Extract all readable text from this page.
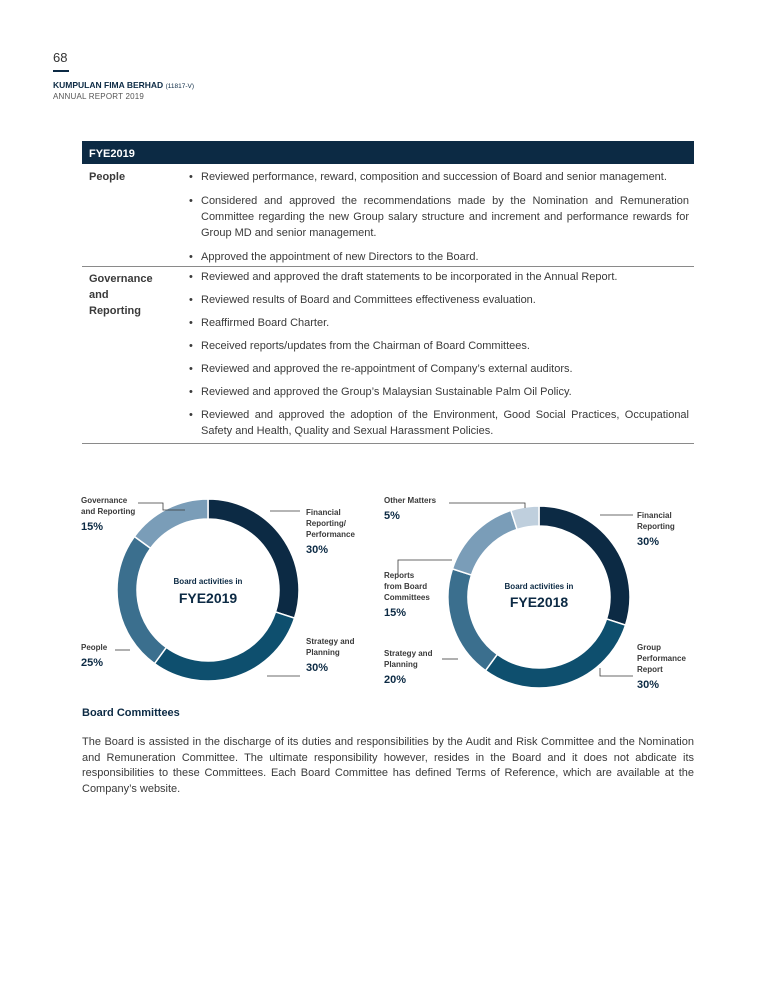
68
KUMPULAN FIMA BERHAD (11817-V)
ANNUAL REPORT 2019
FYE2019
People
•	Reviewed performance, reward, composition and succession of Board and senior management.
• Considered and approved the recommendations made by the Nomination and Remuneration Committee regarding the new Group salary structure and increment and performance rewards for Group MD and senior management.
• Approved the appointment of new Directors to the Board.
Governance and Reporting
• Reviewed and approved the draft statements to be incorporated in the Annual Report.
• Reviewed results of Board and Committees effectiveness evaluation.
• Reaffirmed Board Charter.
• Received reports/updates from the Chairman of Board Committees.
• Reviewed and approved the re-appointment of Company’s external auditors.
• Reviewed and approved the Group’s Malaysian Sustainable Palm Oil Policy.
• Reviewed and approved the adoption of the Environment, Good Social Practices, Occupational Safety and Health, Quality and Sexual Harassment Policies.
Governance
and Reporting
15%
Financial
Reporting/
Performance
30%
Strategy and
Planning
30%
People
25%
Board activities in
FYE2019
Other Matters
5%	Financial
Reporting
30%
Reports
from Board
Committees
15%
Strategy and
Planning
20%
Group
Performance
Report
30%
Board activities in
FYE2018
Board Committees
The Board is assisted in the discharge of its duties and responsibilities by the Audit and Risk Committee and the Nomination and Remuneration Committee. The ultimate responsibility however, resides in the Board and it does not abdicate its responsibilities to these Committees. Each Board Committee has defined Terms of Reference, which are available at the Company’s website.
